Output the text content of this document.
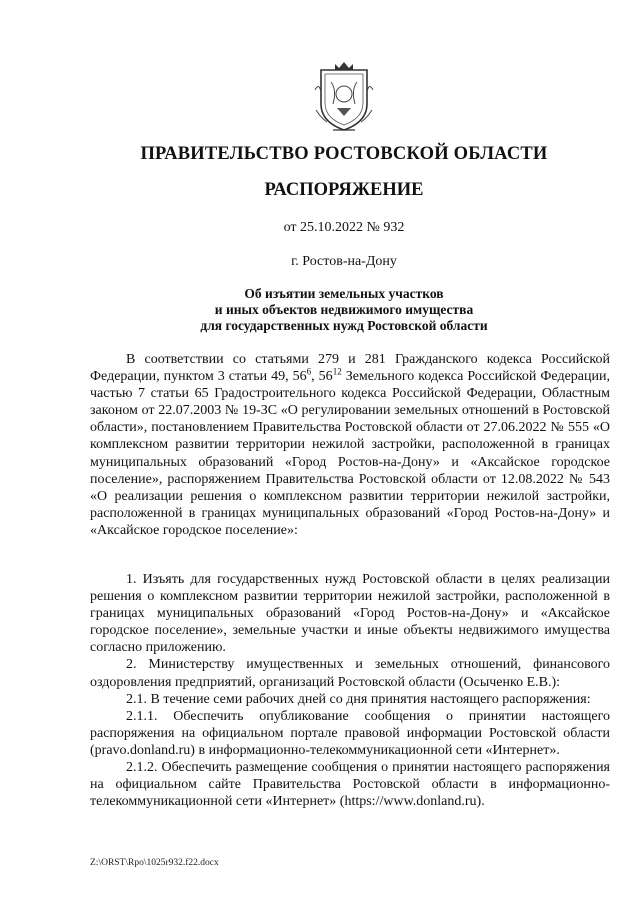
ПРАВИТЕЛЬСТВО РОСТОВСКОЙ ОБЛАСТИ
РАСПОРЯЖЕНИЕ
от 25.10.2022 № 932
г. Ростов-на-Дону
Об изъятии земельных участков
и иных объектов недвижимого имущества
для государственных нужд Ростовской области

В соответствии со статьями 279 и 281 Гражданского кодекса Российской Федерации, пунктом 3 статьи 49, $56^6$, $56^{12}$ Земельного кодекса Российской Федерации, частью 7 статьи 65 Градостроительного кодекса Российской Федерации, Областным законом от 22.07.2003 № 19-ЗС «О регулировании земельных отношений в Ростовской области», постановлением Правительства Ростовской области от 27.06.2022 № 555 «О комплексном развитии территории нежилой застройки, расположенной в границах муниципальных образований «Город Ростов-на-Дону» и «Аксайское городское поселение», распоряжением Правительства Ростовской области от 12.08.2022 № 543 «О реализации решения о комплексном развитии территории нежилой застройки, расположенной в границах муниципальных образований «Город Ростов-на-Дону» и «Аксайское городское поселение»:

1. Изъять для государственных нужд Ростовской области в целях реализации решения о комплексном развитии территории нежилой застройки, расположенной в границах муниципальных образований «Город Ростов-на-Дону» и «Аксайское городское поселение», земельные участки и иные объекты недвижимого имущества согласно приложению.

2. Министерству имущественных и земельных отношений, финансового оздоровления предприятий, организаций Ростовской области (Осыченко Е.В.):

2.1. В течение семи рабочих дней со дня принятия настоящего распоряжения:

2.1.1. Обеспечить опубликование сообщения о принятии настоящего распоряжения на официальном портале правовой информации Ростовской области (pravo.donland.ru) в информационно-телекоммуникационной сети «Интернет».

2.1.2. Обеспечить размещение сообщения о принятии настоящего распоряжения на официальном сайте Правительства Ростовской области в информационно-телекоммуникационной сети «Интернет» (https://www.donland.ru).

Z:\ORST\Rpo\1025r932.f22.docx
